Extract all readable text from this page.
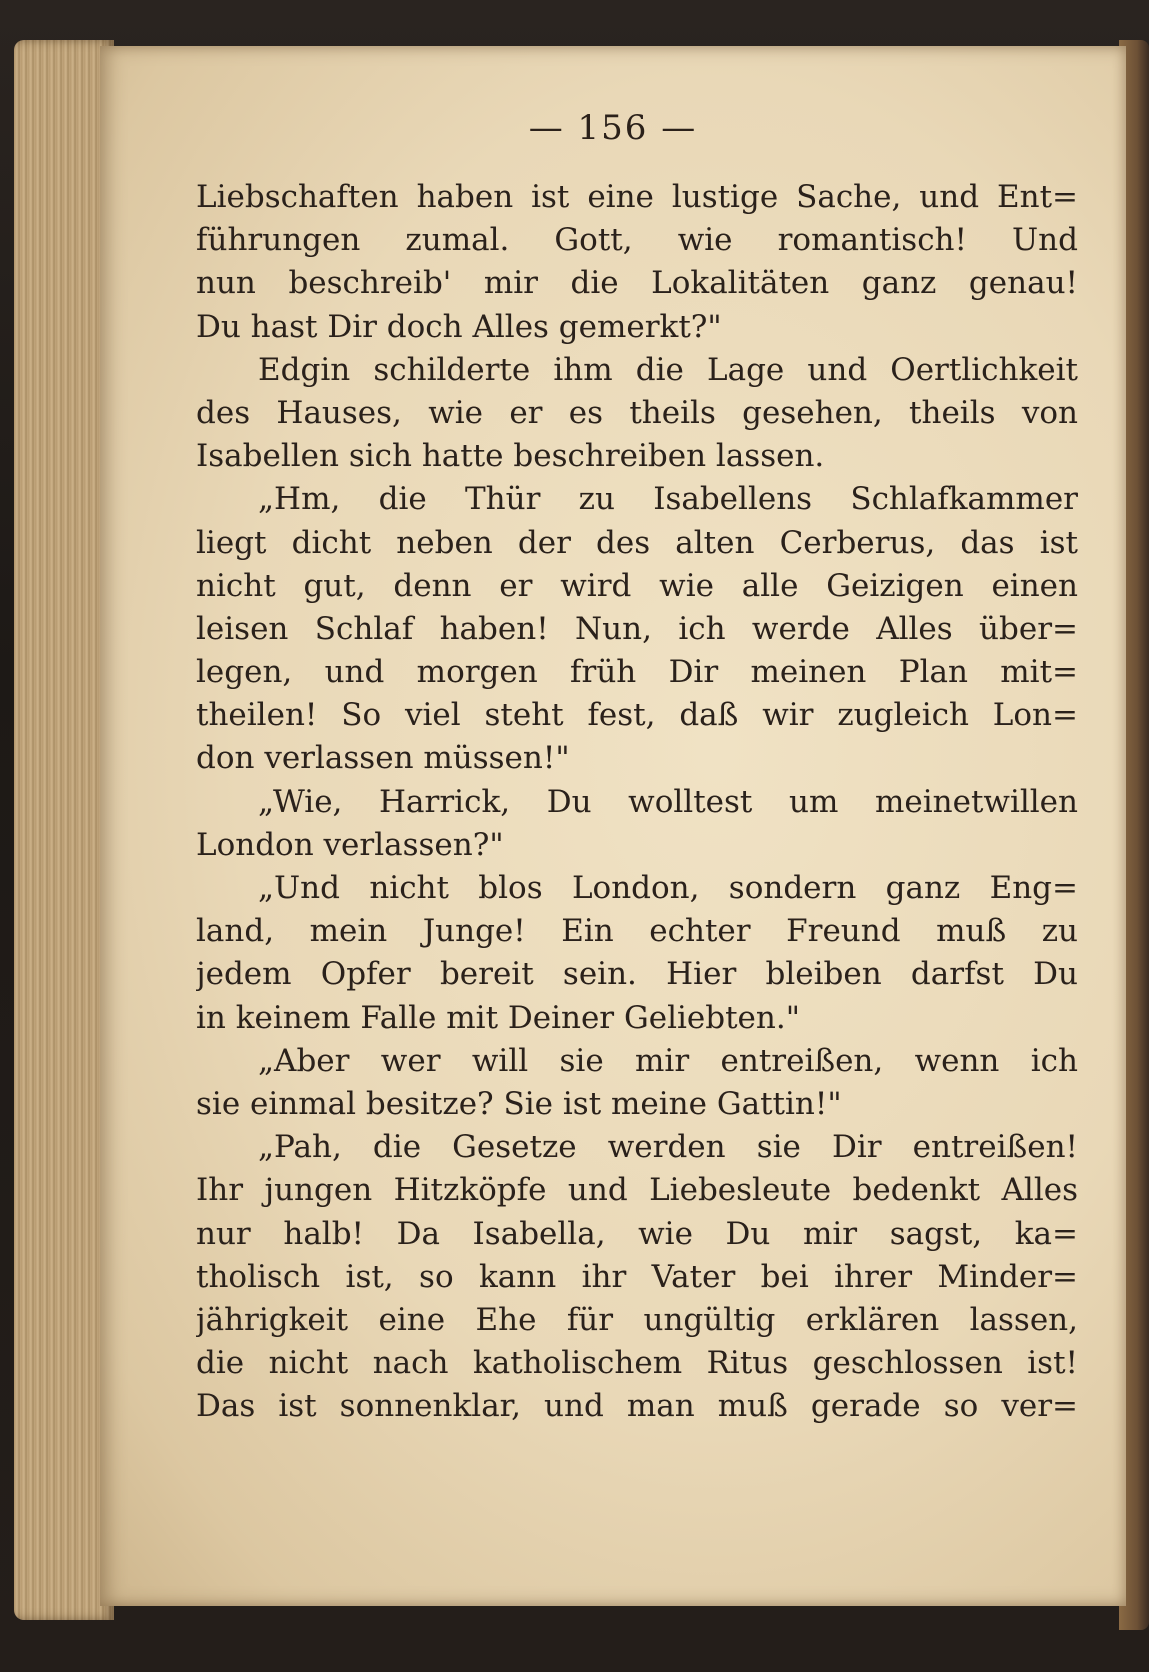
— 156 —
Liebschaften haben ist eine lustige Sache, und Ent=
führungen zumal. Gott, wie romantisch! Und
nun beschreib' mir die Lokalitäten ganz genau!
Du hast Dir doch Alles gemerkt?"
Edgin schilderte ihm die Lage und Oertlichkeit
des Hauses, wie er es theils gesehen, theils von
Isabellen sich hatte beschreiben lassen.
„Hm, die Thür zu Isabellens Schlafkammer
liegt dicht neben der des alten Cerberus, das ist
nicht gut, denn er wird wie alle Geizigen einen
leisen Schlaf haben! Nun, ich werde Alles über=
legen, und morgen früh Dir meinen Plan mit=
theilen! So viel steht fest, daß wir zugleich Lon=
don verlassen müssen!"
„Wie, Harrick, Du wolltest um meinetwillen
London verlassen?"
„Und nicht blos London, sondern ganz Eng=
land, mein Junge! Ein echter Freund muß zu
jedem Opfer bereit sein. Hier bleiben darfst Du
in keinem Falle mit Deiner Geliebten."
„Aber wer will sie mir entreißen, wenn ich
sie einmal besitze? Sie ist meine Gattin!"
„Pah, die Gesetze werden sie Dir entreißen!
Ihr jungen Hitzköpfe und Liebesleute bedenkt Alles
nur halb! Da Isabella, wie Du mir sagst, ka=
tholisch ist, so kann ihr Vater bei ihrer Minder=
jährigkeit eine Ehe für ungültig erklären lassen,
die nicht nach katholischem Ritus geschlossen ist!
Das ist sonnenklar, und man muß gerade so ver=
